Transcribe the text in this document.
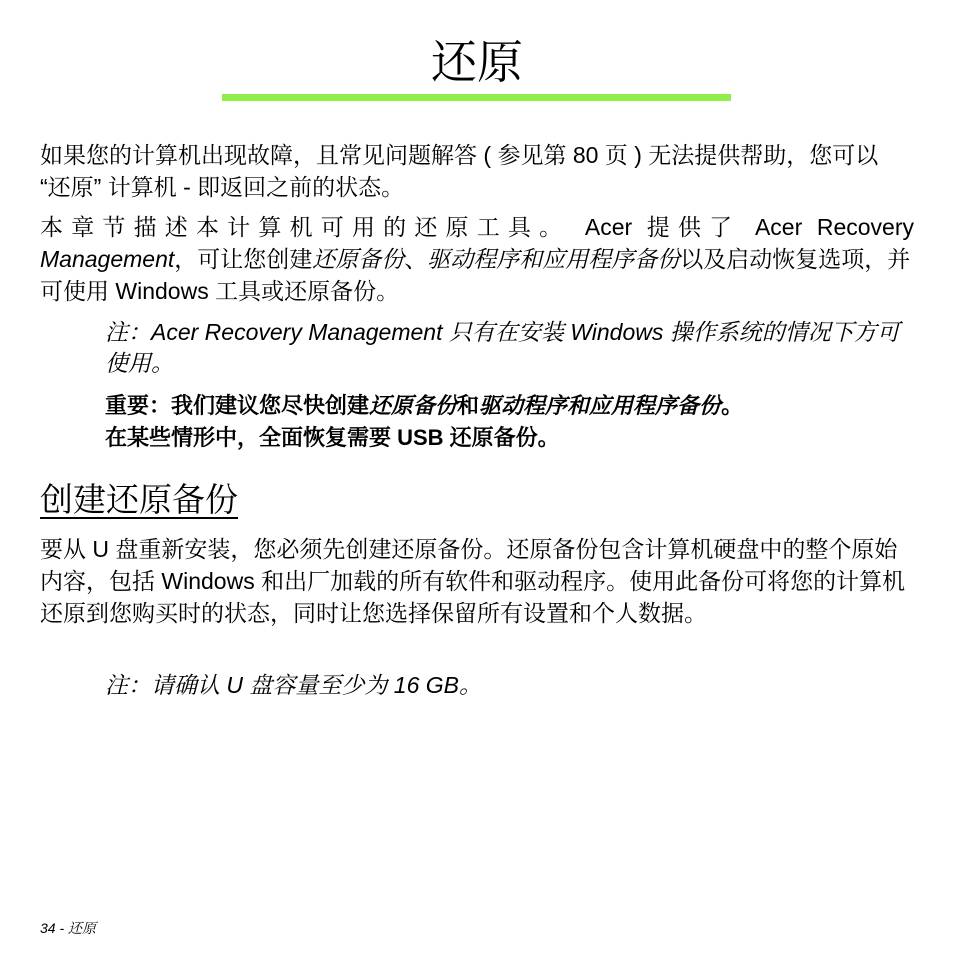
还原

如果您的计算机出现故障，且常见问题解答 ( 参见第 80 页 ) 无法提供帮助，您可以 “还原” 计算机 - 即返回之前的状态。

本章节描述本计算机可用的还原工具。 Acer 提供了 Acer Recovery

Management，可让您创建还原备份、驱动程序和应用程序备份以及启动恢复选项，并可使用 Windows 工具或还原备份。

注：Acer Recovery Management 只有在安装 Windows 操作系统的情况下方可使用。

重要：我们建议您尽快创建还原备份和驱动程序和应用程序备份。
在某些情形中，全面恢复需要 USB 还原备份。

创建还原备份

要从 U 盘重新安装，您必须先创建还原备份。还原备份包含计算机硬盘中的整个原始内容，包括 Windows 和出厂加载的所有软件和驱动程序。使用此备份可将您的计算机还原到您购买时的状态，同时让您选择保留所有设置和个人数据。

注：请确认 U 盘容量至少为 16 GB。

34 - 还原
